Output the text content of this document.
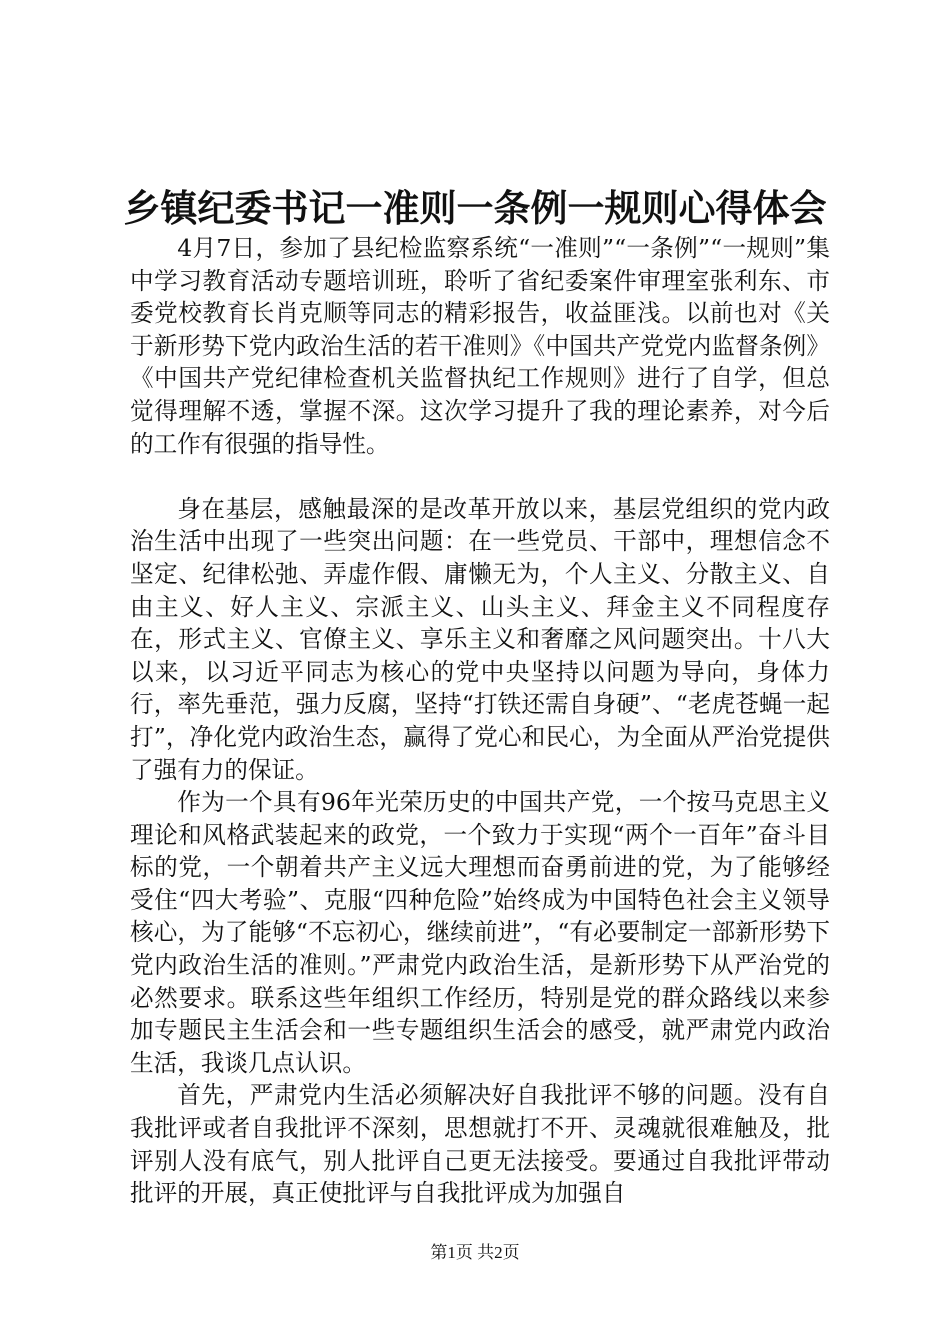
乡镇纪委书记一准则一条例一规则心得体会

4月7日，参加了县纪检监察系统“一准则”“一条例”“一规则”集中学习教育活动专题培训班，聆听了省纪委案件审理室张利东、市委党校教育长肖克顺等同志的精彩报告，收益匪浅。以前也对《关于新形势下党内政治生活的若干准则》《中国共产党党内监督条例》《中国共产党纪律检查机关监督执纪工作规则》进行了自学，但总觉得理解不透，掌握不深。这次学习提升了我的理论素养，对今后的工作有很强的指导性。

身在基层，感触最深的是改革开放以来，基层党组织的党内政治生活中出现了一些突出问题：在一些党员、干部中，理想信念不坚定、纪律松弛、弄虚作假、庸懒无为，个人主义、分散主义、自由主义、好人主义、宗派主义、山头主义、拜金主义不同程度存在，形式主义、官僚主义、享乐主义和奢靡之风问题突出。十八大以来，以习近平同志为核心的党中央坚持以问题为导向，身体力行，率先垂范，强力反腐，坚持“打铁还需自身硬”、“老虎苍蝇一起打”，净化党内政治生态，赢得了党心和民心，为全面从严治党提供了强有力的保证。

作为一个具有96年光荣历史的中国共产党，一个按马克思主义理论和风格武装起来的政党，一个致力于实现“两个一百年”奋斗目标的党，一个朝着共产主义远大理想而奋勇前进的党，为了能够经受住“四大考验”、克服“四种危险”始终成为中国特色社会主义领导核心，为了能够“不忘初心，继续前进”，“有必要制定一部新形势下党内政治生活的准则。”严肃党内政治生活，是新形势下从严治党的必然要求。联系这些年组织工作经历，特别是党的群众路线以来参加专题民主生活会和一些专题组织生活会的感受，就严肃党内政治生活，我谈几点认识。

首先，严肃党内生活必须解决好自我批评不够的问题。没有自我批评或者自我批评不深刻，思想就打不开、灵魂就很难触及，批评别人没有底气，别人批评自己更无法接受。要通过自我批评带动批评的开展，真正使批评与自我批评成为加强自

第1页 共2页
